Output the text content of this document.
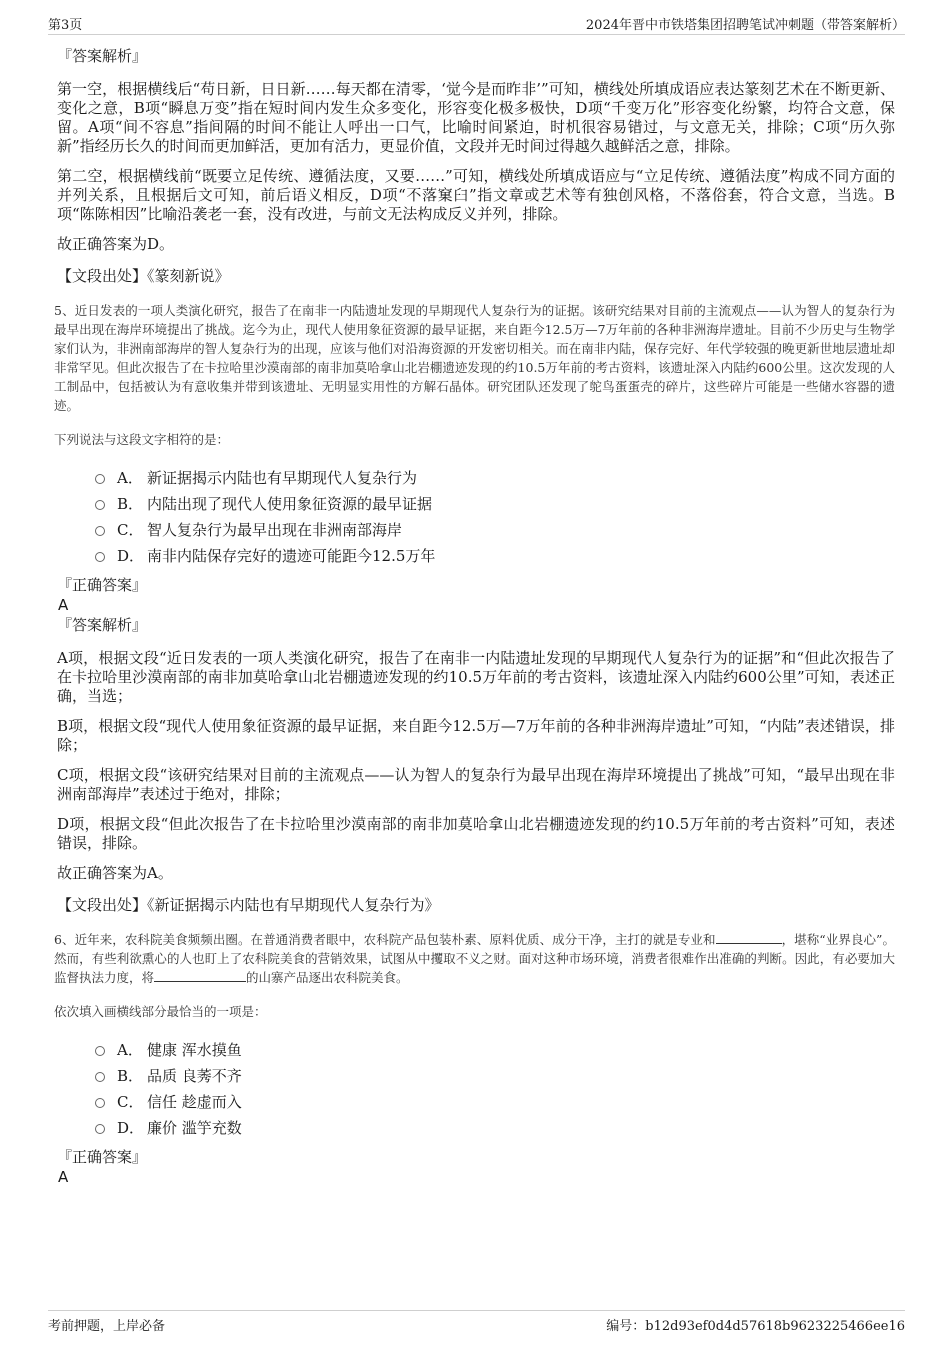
第3页	2024年晋中市铁塔集团招聘笔试冲刺题（带答案解析）

『答案解析』

第一空，根据横线后“苟日新，日日新……每天都在清零，‘觉今是而昨非’”可知，横线处所填成语应表达篆刻艺术在不断更新、变化之意，B项“瞬息万变”指在短时间内发生众多变化，形容变化极多极快，D项“千变万化”形容变化纷繁，均符合文意，保留。A项“间不容息”指间隔的时间不能让人呼出一口气，比喻时间紧迫，时机很容易错过，与文意无关，排除；C项“历久弥新”指经历长久的时间而更加鲜活，更加有活力，更显价值，文段并无时间过得越久越鲜活之意，排除。

第二空，根据横线前“既要立足传统、遵循法度，又要……”可知，横线处所填成语应与“立足传统、遵循法度”构成不同方面的并列关系，且根据后文可知，前后语义相反，D项“不落窠臼”指文章或艺术等有独创风格，不落俗套，符合文意，当选。B项“陈陈相因”比喻沿袭老一套，没有改进，与前文无法构成反义并列，排除。

故正确答案为D。

【文段出处】《篆刻新说》

5、近日发表的一项人类演化研究，报告了在南非一内陆遗址发现的早期现代人复杂行为的证据。该研究结果对目前的主流观点——认为智人的复杂行为最早出现在海岸环境提出了挑战。迄今为止，现代人使用象征资源的最早证据，来自距今12.5万—7万年前的各种非洲海岸遗址。目前不少历史与生物学家们认为，非洲南部海岸的智人复杂行为的出现，应该与他们对沿海资源的开发密切相关。而在南非内陆，保存完好、年代学较强的晚更新世地层遗址却非常罕见。但此次报告了在卡拉哈里沙漠南部的南非加莫哈拿山北岩棚遗迹发现的约10.5万年前的考古资料，该遗址深入内陆约600公里。这次发现的人工制品中，包括被认为有意收集并带到该遗址、无明显实用性的方解石晶体。研究团队还发现了鸵鸟蛋蛋壳的碎片，这些碎片可能是一些储水容器的遗迹。

下列说法与这段文字相符的是：

A． 新证据揭示内陆也有早期现代人复杂行为
B． 内陆出现了现代人使用象征资源的最早证据
C． 智人复杂行为最早出现在非洲南部海岸
D． 南非内陆保存完好的遗迹可能距今12.5万年

『正确答案』

A

『答案解析』

A项，根据文段“近日发表的一项人类演化研究，报告了在南非一内陆遗址发现的早期现代人复杂行为的证据”和“但此次报告了在卡拉哈里沙漠南部的南非加莫哈拿山北岩棚遗迹发现的约10.5万年前的考古资料，该遗址深入内陆约600公里”可知，表述正确，当选；

B项，根据文段“现代人使用象征资源的最早证据，来自距今12.5万—7万年前的各种非洲海岸遗址”可知，“内陆”表述错误，排除；

C项，根据文段“该研究结果对目前的主流观点——认为智人的复杂行为最早出现在海岸环境提出了挑战”可知，“最早出现在非洲南部海岸”表述过于绝对，排除；

D项，根据文段“但此次报告了在卡拉哈里沙漠南部的南非加莫哈拿山北岩棚遗迹发现的约10.5万年前的考古资料”可知，表述错误，排除。

故正确答案为A。

【文段出处】《新证据揭示内陆也有早期现代人复杂行为》

6、近年来，农科院美食频频出圈。在普通消费者眼中，农科院产品包装朴素、原料优质、成分干净，主打的就是专业和	，堪称“业界良心”。然而，有些利欲熏心的人也盯上了农科院美食的营销效果，试图从中攫取不义之财。面对这种市场环境，消费者很难作出准确的判断。因此，有必要加大监督执法力度，将	的山寨产品逐出农科院美食。

依次填入画横线部分最恰当的一项是：

A． 健康 浑水摸鱼
B． 品质 良莠不齐
C． 信任 趁虚而入
D． 廉价 滥竽充数

『正确答案』

A

考前押题，上岸必备	编号：b12d93ef0d4d57618b9623225466ee16
